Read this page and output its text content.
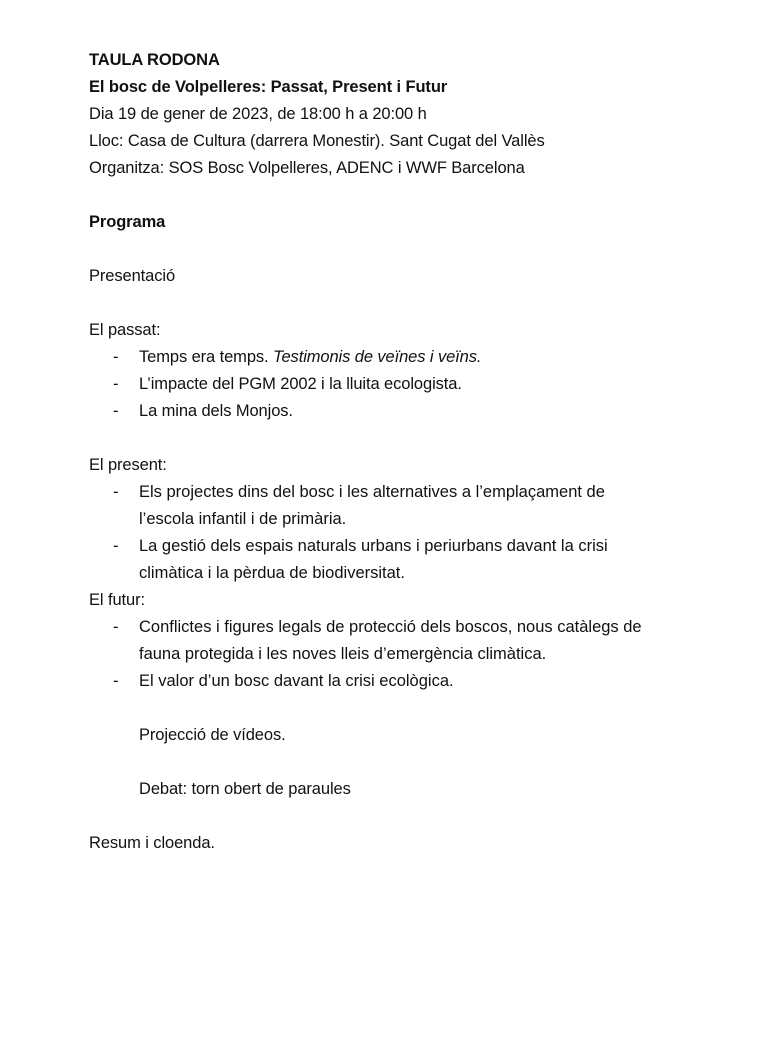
TAULA RODONA
El bosc de Volpelleres: Passat, Present i Futur
Dia 19 de gener de 2023, de 18:00 h a 20:00 h
Lloc: Casa de Cultura (darrera Monestir). Sant Cugat del Vallès
Organitza: SOS Bosc Volpelleres, ADENC i WWF Barcelona
Programa
Presentació
El passat:
- Temps era temps. Testimonis de veïnes i veïns.
- L’impacte del PGM 2002 i la lluita ecologista.
- La mina dels Monjos.
El present:
- Els projectes dins del bosc i les alternatives a l’emplaçament de
l’escola infantil i de primària.
- La gestió dels espais naturals urbans i periurbans davant la crisi
climàtica i la pèrdua de biodiversitat.
El futur:
- Conflictes i figures legals de protecció dels boscos, nous catàlegs de
fauna protegida i les noves lleis d’emergència climàtica.
- El valor d’un bosc davant la crisi ecològica.
Projecció de vídeos.
Debat: torn obert de paraules
Resum i cloenda.
